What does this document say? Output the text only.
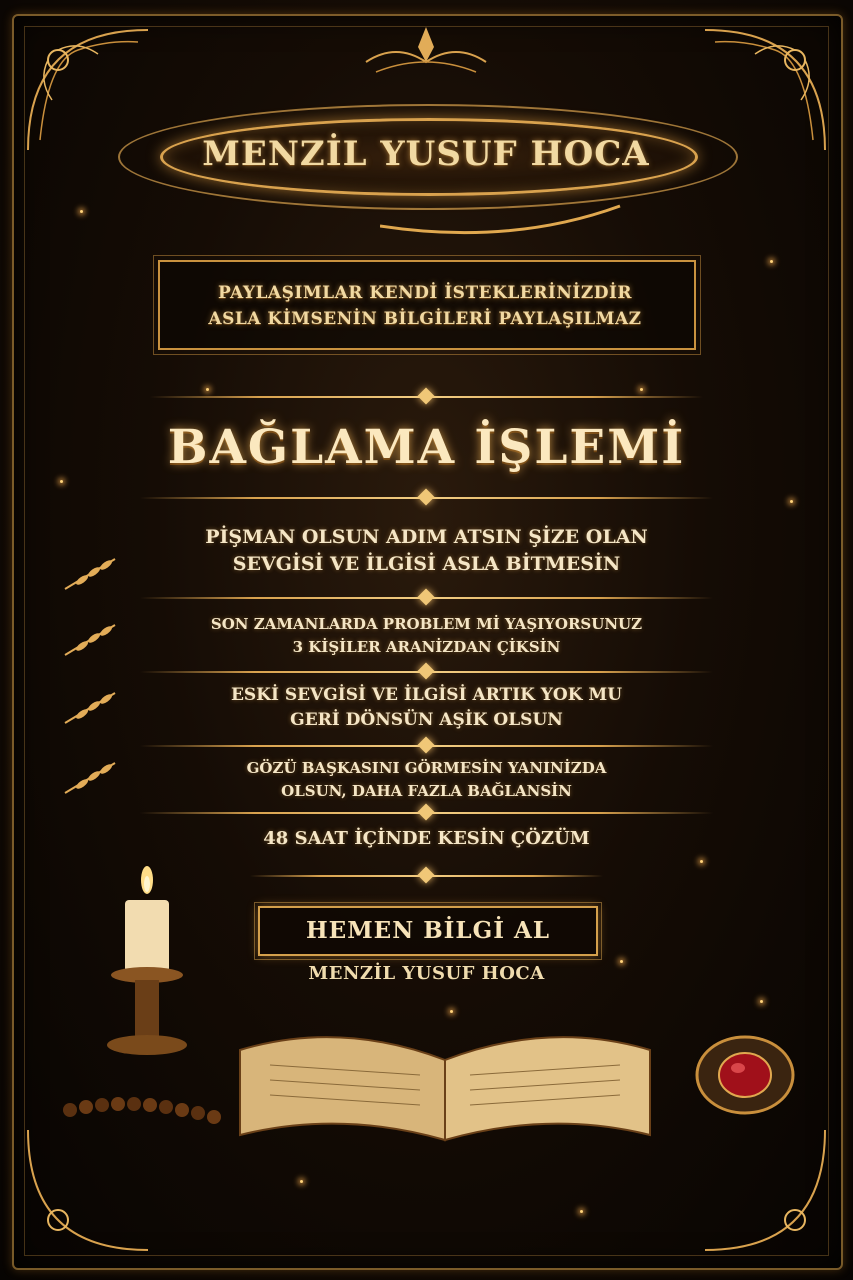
MENZİL YUSUF HOCA
PAYLAŞIMLAR KENDİ İSTEKLERİNİZDİR
ASLA KİMSENİN BİLGİLERİ PAYLAŞILMAZ
BAĞLAMA İŞLEMİ
PİŞMAN OLSUN ADIM ATSIN ŞİZE OLAN
SEVGİSİ VE İLGİSİ ASLA BİTMESİN
SON ZAMANLARDA PROBLEM Mİ YAŞIYORSUNUZ
3 KİŞİLER ARANİZDAN ÇİKSİN
ESKİ SEVGİSİ VE İLGİSİ ARTIK YOK MU
GERİ DÖNSÜN AŞİK OLSUN
GÖZÜ BAŞKASINI GÖRMESİN YANINİZDA
OLSUN, DAHA FAZLA BAĞLANSİN
48 SAAT İÇİNDE KESİN ÇÖZÜM
HEMEN BİLGİ AL
MENZİL YUSUF HOCA
